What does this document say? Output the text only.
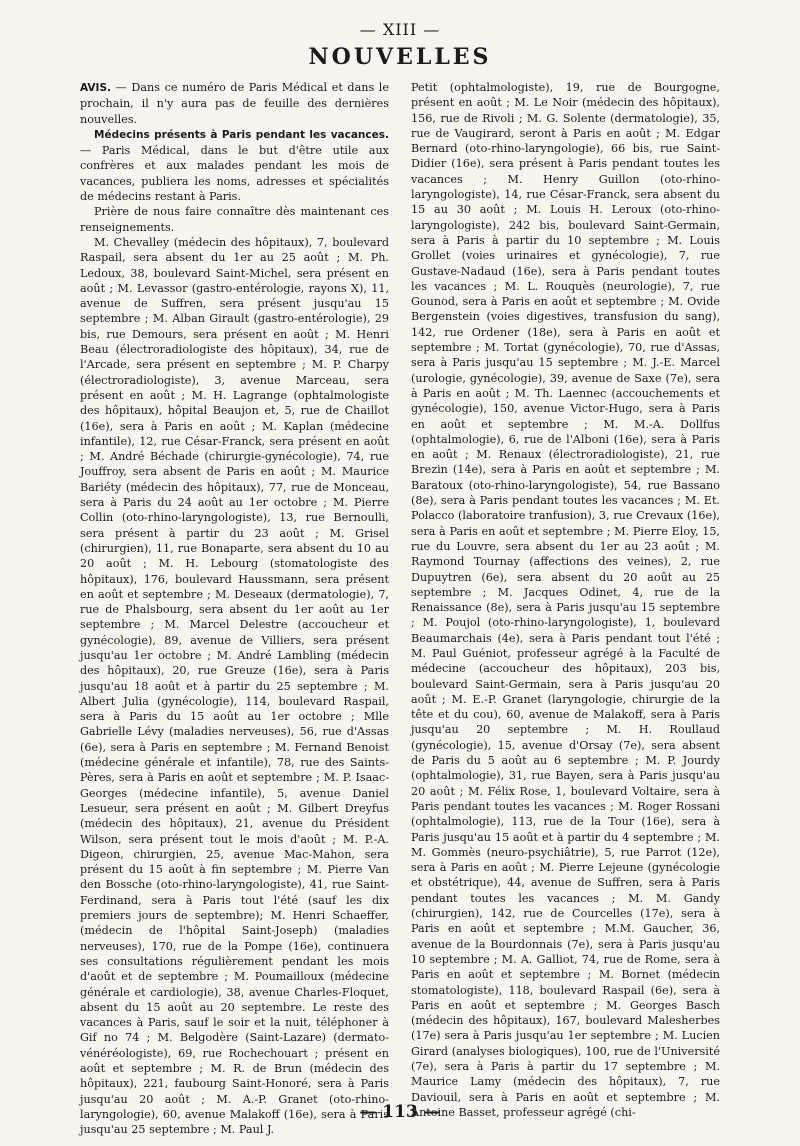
— XIII —
NOUVELLES

AVIS. — Dans ce numéro de Paris Médical et dans le prochain, il n'y aura pas de feuille des dernières nouvelles.

Médecins présents à Paris pendant les vacances. — Paris Médical, dans le but d'être utile aux confrères et aux malades pendant les mois de vacances, publiera les noms, adresses et spécialités de médecins restant à Paris.

Prière de nous faire connaître dès maintenant ces renseignements.

M. Chevalley (médecin des hôpitaux), 7, boulevard Raspail, sera absent du 1er au 25 août ; M. Ph. Ledoux, 38, boulevard Saint-Michel, sera présent en août ; M. Levassor (gastro-entérologie, rayons X), 11, avenue de Suffren, sera présent jusqu'au 15 septembre ; M. Alban Girault (gastro-entérologie), 29 bis, rue Demours, sera présent en août ; M. Henri Beau (électroradiologiste des hôpitaux), 34, rue de l'Arcade, sera présent en septembre ; M. P. Charpy (électroradiologiste), 3, avenue Marceau, sera présent en août ; M. H. Lagrange (ophtalmologiste des hôpitaux), hôpital Beaujon et, 5, rue de Chaillot (16e), sera à Paris en août ; M. Kaplan (médecine infantile), 12, rue César-Franck, sera présent en août ; M. André Béchade (chirurgie-gynécologie), 74, rue Jouffroy, sera absent de Paris en août ; M. Maurice Bariéty (médecin des hôpitaux), 77, rue de Monceau, sera à Paris du 24 août au 1er octobre ; M. Pierre Collin (oto-rhino-laryngologiste), 13, rue Bernoulli, sera présent à partir du 23 août ; M. Grisel (chirurgien), 11, rue Bonaparte, sera absent du 10 au 20 août ; M. H. Lebourg (stomatologiste des hôpitaux), 176, boulevard Haussmann, sera présent en août et septembre ; M. Deseaux (dermatologie), 7, rue de Phalsbourg, sera absent du 1er août au 1er septembre ; M. Marcel Delestre (accoucheur et gynécologie), 89, avenue de Villiers, sera présent jusqu'au 1er octobre ; M. André Lambling (médecin des hôpitaux), 20, rue Greuze (16e), sera à Paris jusqu'au 18 août et à partir du 25 septembre ; M. Albert Julia (gynécologie), 114, boulevard Raspail, sera à Paris du 15 août au 1er octobre ; Mlle Gabrielle Lévy (maladies nerveuses), 56, rue d'Assas (6e), sera à Paris en septembre ; M. Fernand Benoist (médecine générale et infantile), 78, rue des Saints-Pères, sera à Paris en août et septembre ; M. P. Isaac-Georges (médecine infantile), 5, avenue Daniel Lesueur, sera présent en août ; M. Gilbert Dreyfus (médecin des hôpitaux), 21, avenue du Président Wilson, sera présent tout le mois d'août ; M. P.-A. Digeon, chirurgien, 25, avenue Mac-Mahon, sera présent du 15 août à fin septembre ; M. Pierre Van den Bossche (oto-rhino-laryngologiste), 41, rue Saint-Ferdinand, sera à Paris tout l'été (sauf les dix premiers jours de septembre); M. Henri Schaeffer, (médecin de l'hôpital Saint-Joseph) (maladies nerveuses), 170, rue de la Pompe (16e), continuera ses consultations régulièrement pendant les mois d'août et de septembre ; M. Poumailloux (médecine générale et cardiologie), 38, avenue Charles-Floquet, absent du 15 août au 20 septembre. Le reste des vacances à Paris, sauf le soir et la nuit, téléphoner à Gif no 74 ; M. Belgodère (Saint-Lazare) (dermato-vénéréologiste), 69, rue Rochechouart ; présent en août et septembre ; M. R. de Brun (médecin des hôpitaux), 221, faubourg Saint-Honoré, sera à Paris jusqu'au 20 août ; M. A.-P. Granet (oto-rhino-laryngologie), 60, avenue Malakoff (16e), sera à Paris jusqu'au 25 septembre ; M. Paul J.

Petit (ophtalmologiste), 19, rue de Bourgogne, présent en août ; M. Le Noir (médecin des hôpitaux), 156, rue de Rivoli ; M. G. Solente (dermatologie), 35, rue de Vaugirard, seront à Paris en août ; M. Edgar Bernard (oto-rhino-laryngologie), 66 bis, rue Saint-Didier (16e), sera présent à Paris pendant toutes les vacances ; M. Henry Guillon (oto-rhino-laryngologiste), 14, rue César-Franck, sera absent du 15 au 30 août ; M. Louis H. Leroux (oto-rhino-laryngologiste), 242 bis, boulevard Saint-Germain, sera à Paris à partir du 10 septembre ; M. Louis Grollet (voies urinaires et gynécologie), 7, rue Gustave-Nadaud (16e), sera à Paris pendant toutes les vacances ; M. L. Rouquès (neurologie), 7, rue Gounod, sera à Paris en août et septembre ; M. Ovide Bergenstein (voies digestives, transfusion du sang), 142, rue Ordener (18e), sera à Paris en août et septembre ; M. Tortat (gynécologie), 70, rue d'Assas, sera à Paris jusqu'au 15 septembre ; M. J.-E. Marcel (urologie, gynécologie), 39, avenue de Saxe (7e), sera à Paris en août ; M. Th. Laennec (accouchements et gynécologie), 150, avenue Victor-Hugo, sera à Paris en août et septembre ; M. M.-A. Dollfus (ophtalmologie), 6, rue de l'Alboni (16e), sera à Paris en août ; M. Renaux (électroradiologiste), 21, rue Brezin (14e), sera à Paris en août et septembre ; M. Baratoux (oto-rhino-laryngologiste), 54, rue Bassano (8e), sera à Paris pendant toutes les vacances ; M. Et. Polacco (laboratoire tranfusion), 3, rue Crevaux (16e), sera à Paris en août et septembre ; M. Pierre Eloy, 15, rue du Louvre, sera absent du 1er au 23 août ; M. Raymond Tournay (affections des veines), 2, rue Dupuytren (6e), sera absent du 20 août au 25 septembre ; M. Jacques Odinet, 4, rue de la Renaissance (8e), sera à Paris jusqu'au 15 septembre ; M. Poujol (oto-rhino-laryngologiste), 1, boulevard Beaumarchais (4e), sera à Paris pendant tout l'été ; M. Paul Guéniot, professeur agrégé à la Faculté de médecine (accoucheur des hôpitaux), 203 bis, boulevard Saint-Germain, sera à Paris jusqu'au 20 août ; M. E.-P. Granet (laryngologie, chirurgie de la tête et du cou), 60, avenue de Malakoff, sera à Paris jusqu'au 20 septembre ; M. H. Roullaud (gynécologie), 15, avenue d'Orsay (7e), sera absent de Paris du 5 août au 6 septembre ; M. P. Jourdy (ophtalmologie), 31, rue Bayen, sera à Paris jusqu'au 20 août ; M. Félix Rose, 1, boulevard Voltaire, sera à Paris pendant toutes les vacances ; M. Roger Rossani (ophtalmologie), 113, rue de la Tour (16e), sera à Paris jusqu'au 15 août et à partir du 4 septembre ; M. M. Gommès (neuro-psychiâtrie), 5, rue Parrot (12e), sera à Paris en août ; M. Pierre Lejeune (gynécologie et obstétrique), 44, avenue de Suffren, sera à Paris pendant toutes les vacances ; M. M. Gandy (chirurgien), 142, rue de Courcelles (17e), sera à Paris en août et septembre ; M.M. Gaucher, 36, avenue de la Bourdonnais (7e), sera à Paris jusqu'au 10 septembre ; M. A. Galliot, 74, rue de Rome, sera à Paris en août et septembre ; M. Bornet (médecin stomatologiste), 118, boulevard Raspail (6e), sera à Paris en août et septembre ; M. Georges Basch (médecin des hôpitaux), 167, boulevard Malesherbes (17e) sera à Paris jusqu'au 1er septembre ; M. Lucien Girard (analyses biologiques), 100, rue de l'Université (7e), sera à Paris à partir du 17 septembre ; M. Maurice Lamy (médecin des hôpitaux), 7, rue Daviouil, sera à Paris en août et septembre ; M. Antoine Basset, professeur agrégé (chi-

— 113 —
